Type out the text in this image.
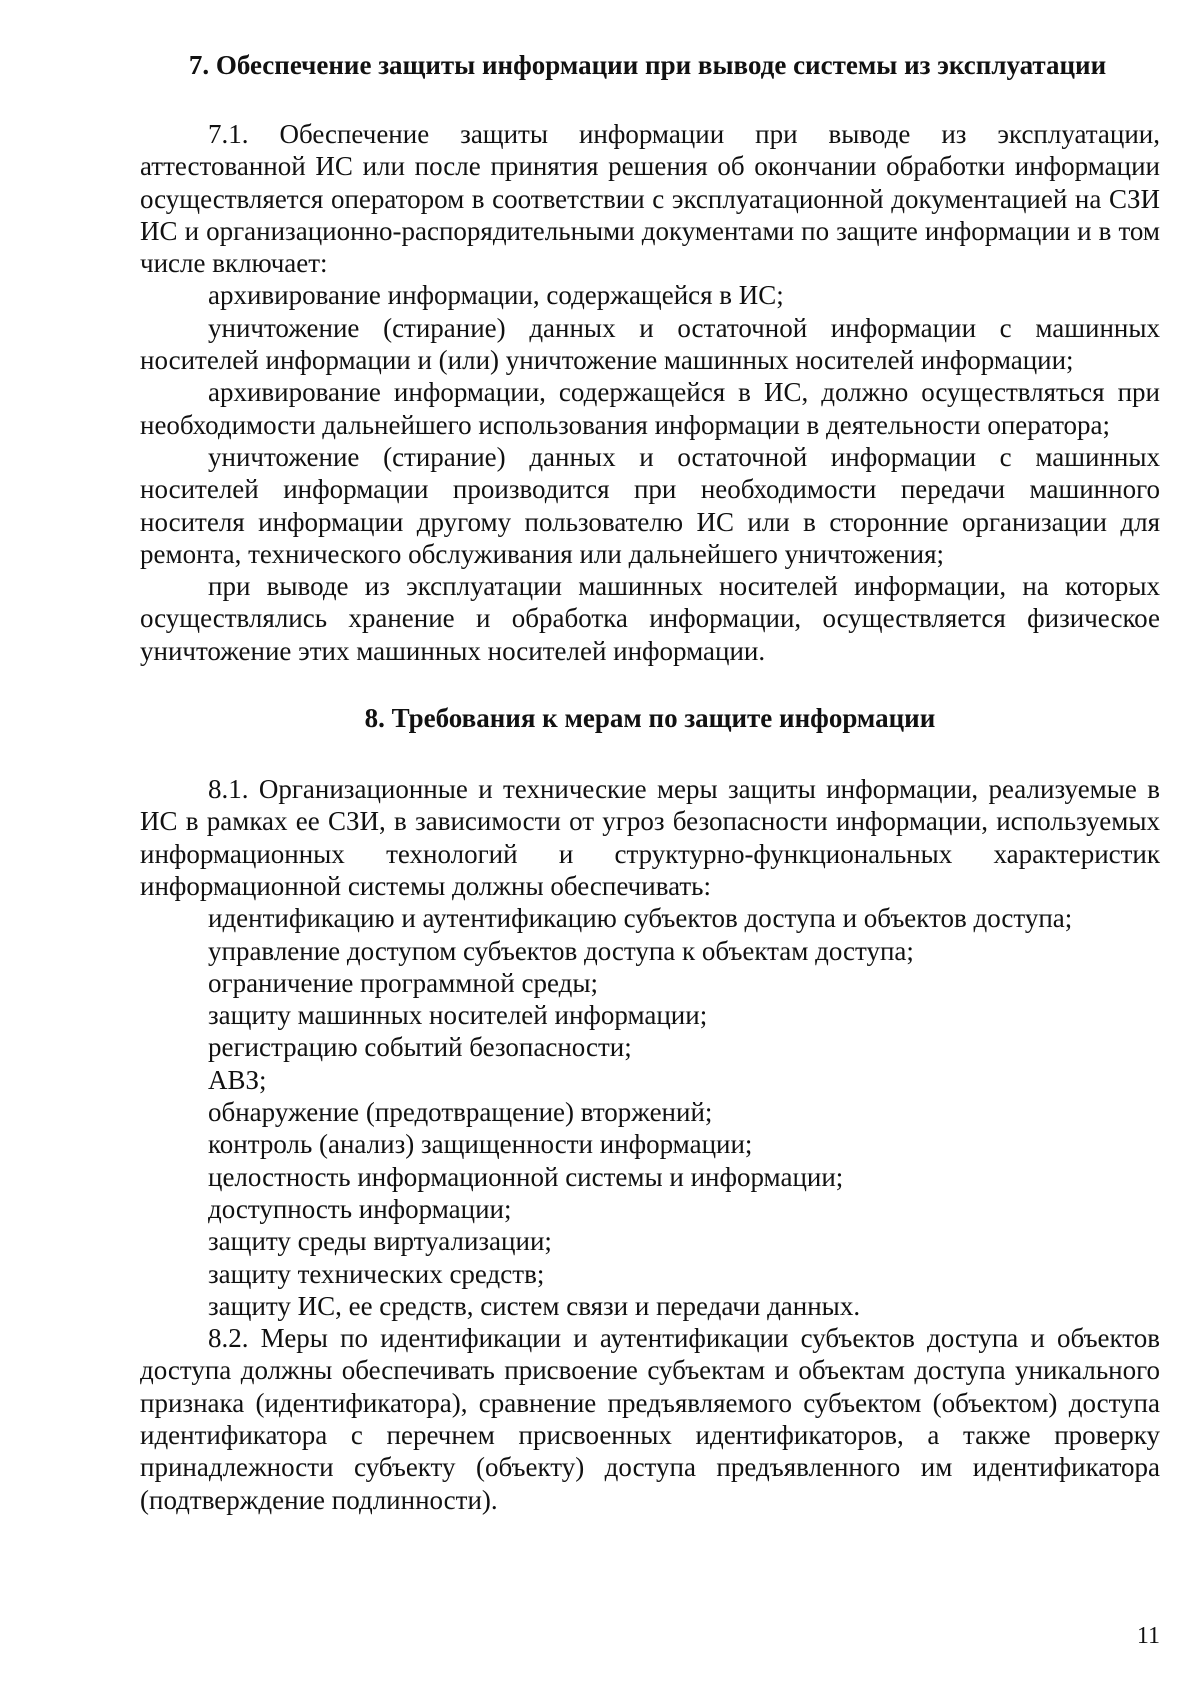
7. Обеспечение защиты информации при выводе системы из эксплуатации

7.1. Обеспечение защиты информации при выводе из эксплуатации, аттестованной ИС или после принятия решения об окончании обработки информации осуществляется оператором в соответствии с эксплуатационной документацией на СЗИ ИС и организационно-распорядительными документами по защите информации и в том числе включает:

архивирование информации, содержащейся в ИС;

уничтожение (стирание) данных и остаточной информации с машинных носителей информации и (или) уничтожение машинных носителей информации;

архивирование информации, содержащейся в ИС, должно осуществляться при необходимости дальнейшего использования информации в деятельности оператора;

уничтожение (стирание) данных и остаточной информации с машинных носителей информации производится при необходимости передачи машинного носителя информации другому пользователю ИС или в сторонние организации для ремонта, технического обслуживания или дальнейшего уничтожения;

при выводе из эксплуатации машинных носителей информации, на которых осуществлялись хранение и обработка информации, осуществляется физическое уничтожение этих машинных носителей информации.

8. Требования к мерам по защите информации

8.1. Организационные и технические меры защиты информации, реализуемые в ИС в рамках ее СЗИ, в зависимости от угроз безопасности информации, используемых информационных технологий и структурно-функциональных характеристик информационной системы должны обеспечивать:

идентификацию и аутентификацию субъектов доступа и объектов доступа;

управление доступом субъектов доступа к объектам доступа;

ограничение программной среды;

защиту машинных носителей информации;

регистрацию событий безопасности;

АВЗ;

обнаружение (предотвращение) вторжений;

контроль (анализ) защищенности информации;

целостность информационной системы и информации;

доступность информации;

защиту среды виртуализации;

защиту технических средств;

защиту ИС, ее средств, систем связи и передачи данных.

8.2. Меры по идентификации и аутентификации субъектов доступа и объектов доступа должны обеспечивать присвоение субъектам и объектам доступа уникального признака (идентификатора), сравнение предъявляемого субъектом (объектом) доступа идентификатора с перечнем присвоенных идентификаторов, а также проверку принадлежности субъекту (объекту) доступа предъявленного им идентификатора (подтверждение подлинности).

11
